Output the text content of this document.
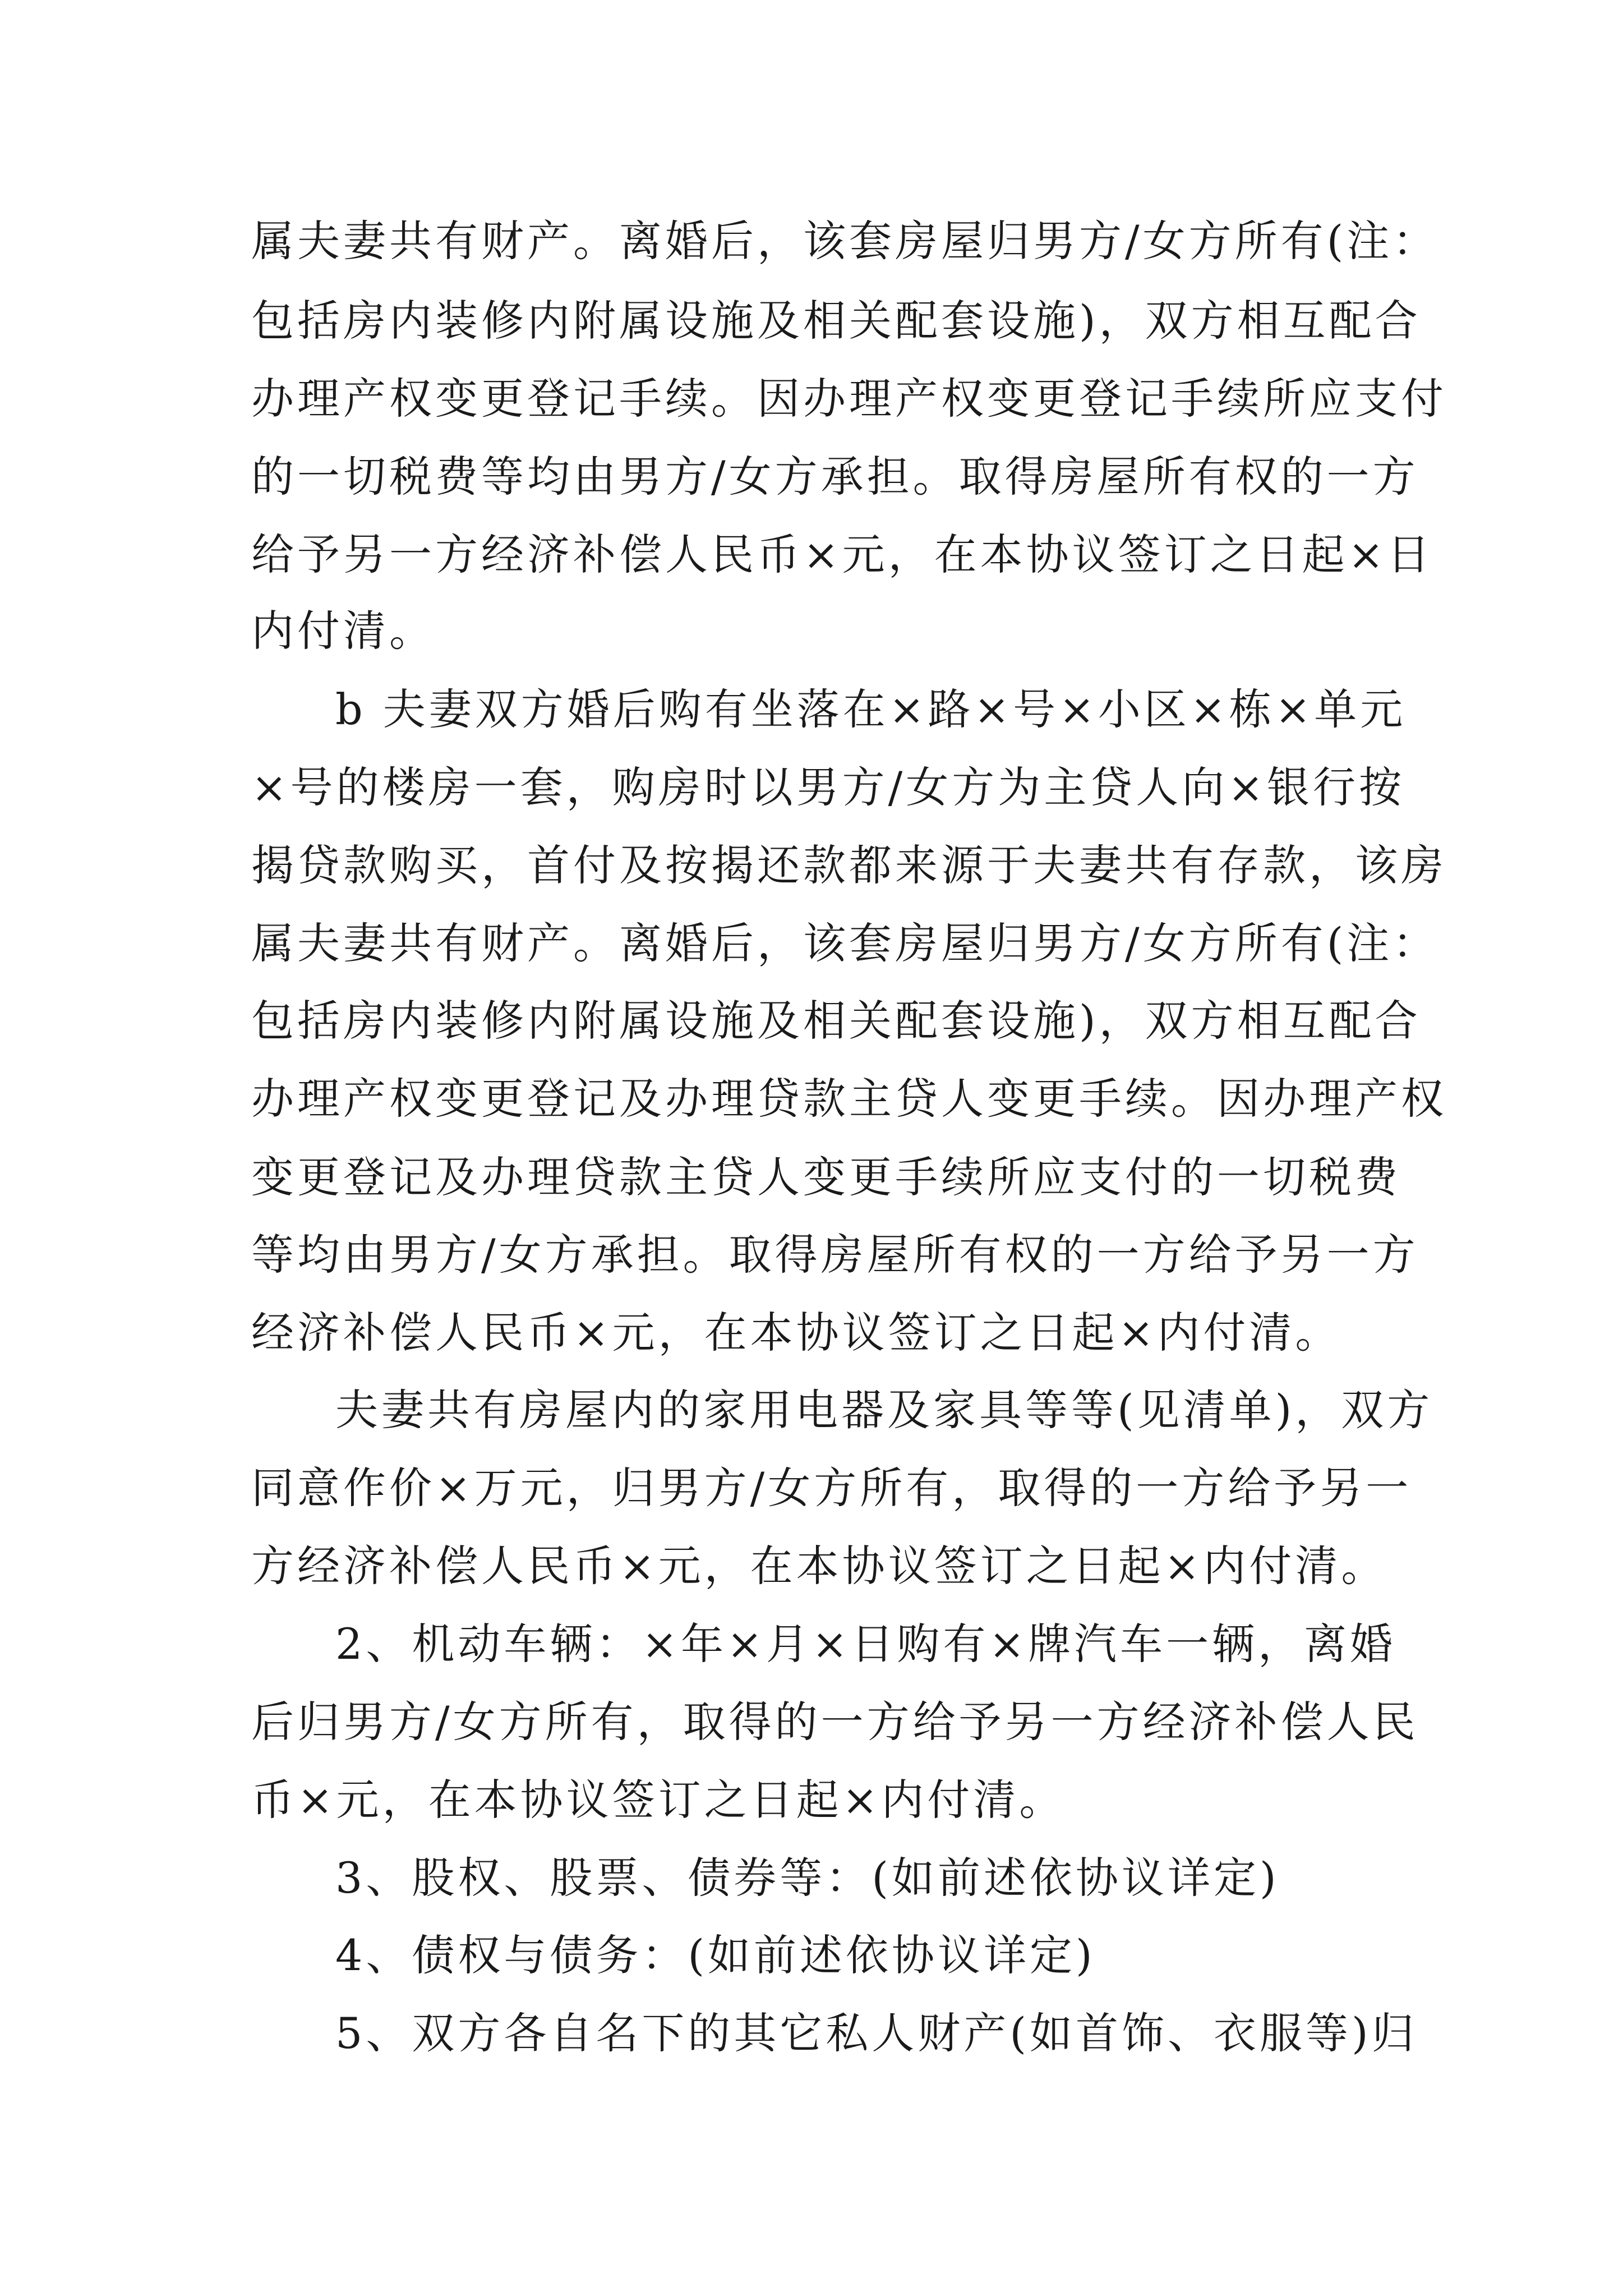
属夫妻共有财产。离婚后，该套房屋归男方/女方所有(注：
包括房内装修内附属设施及相关配套设施)，双方相互配合
办理产权变更登记手续。因办理产权变更登记手续所应支付
的一切税费等均由男方/女方承担。取得房屋所有权的一方
给予另一方经济补偿人民币×元，在本协议签订之日起×日
内付清。
b 夫妻双方婚后购有坐落在×路×号×小区×栋×单元
×号的楼房一套，购房时以男方/女方为主贷人向×银行按
揭贷款购买，首付及按揭还款都来源于夫妻共有存款，该房
属夫妻共有财产。离婚后，该套房屋归男方/女方所有(注：
包括房内装修内附属设施及相关配套设施)，双方相互配合
办理产权变更登记及办理贷款主贷人变更手续。因办理产权
变更登记及办理贷款主贷人变更手续所应支付的一切税费
等均由男方/女方承担。取得房屋所有权的一方给予另一方
经济补偿人民币×元，在本协议签订之日起×内付清。
夫妻共有房屋内的家用电器及家具等等(见清单)，双方
同意作价×万元，归男方/女方所有，取得的一方给予另一
方经济补偿人民币×元，在本协议签订之日起×内付清。
2、机动车辆：×年×月×日购有×牌汽车一辆，离婚
后归男方/女方所有，取得的一方给予另一方经济补偿人民
币×元，在本协议签订之日起×内付清。
3、股权、股票、债券等：(如前述依协议详定)
4、债权与债务：(如前述依协议详定)
5、双方各自名下的其它私人财产(如首饰、衣服等)归
